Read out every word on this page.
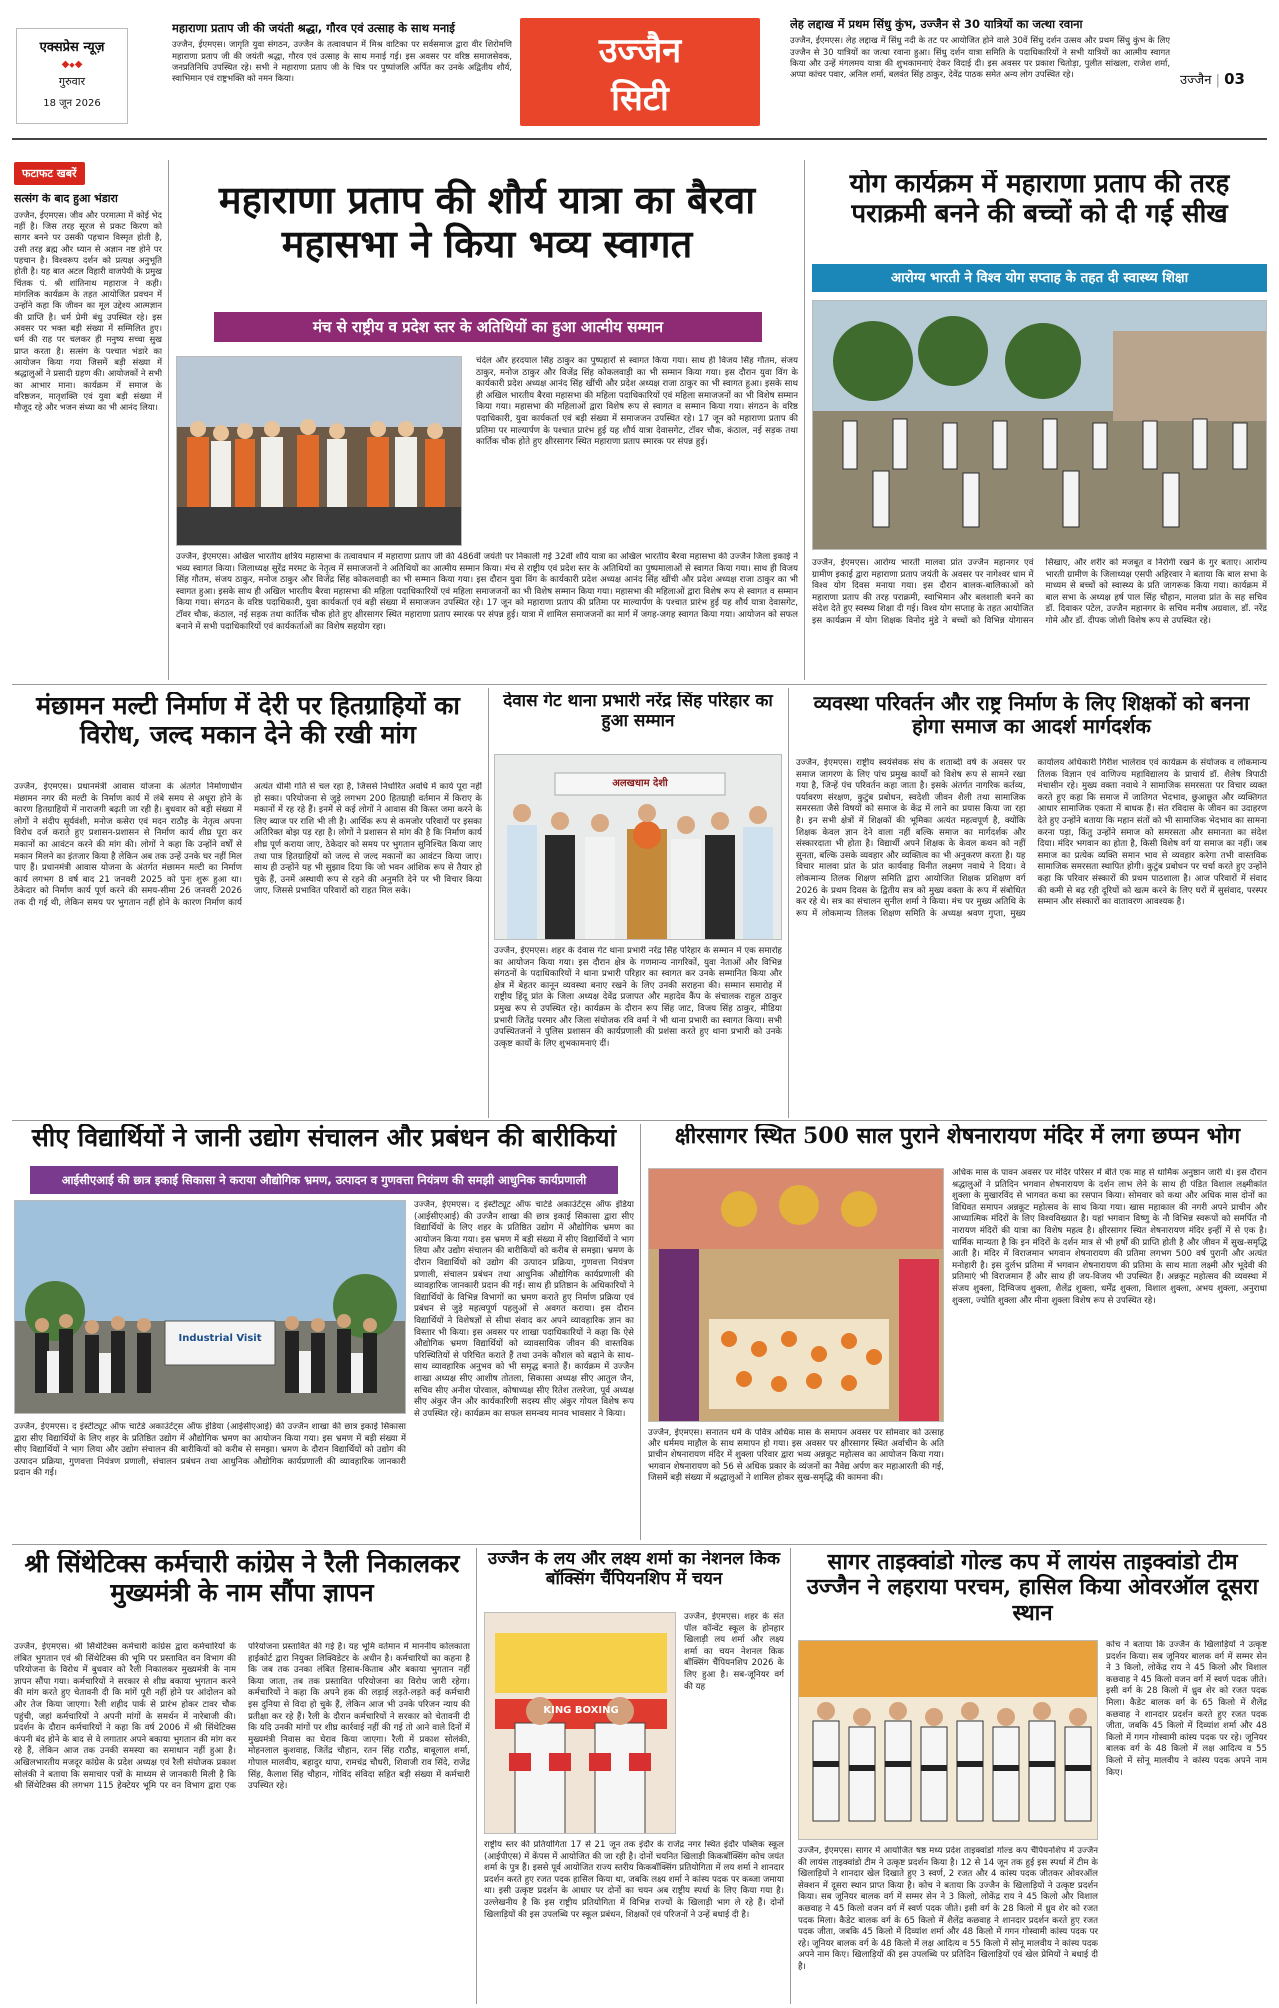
एक्सप्रेस न्यूज़
◆◆◆
गुरुवार
18 जून 2026
महाराणा प्रताप जी की जयंती श्रद्धा, गौरव एवं उत्साह के साथ मनाई
उज्जैन, ईएमएस। जागृति युवा संगठन, उज्जैन के तत्वावधान में मिश्र वाटिका पर सर्वसमाज द्वारा वीर शिरोमणि महाराणा प्रताप जी की जयंती श्रद्धा, गौरव एवं उत्साह के साथ मनाई गई। इस अवसर पर वरिष्ठ समाजसेवक, जनप्रतिनिधि उपस्थित रहे। सभी ने महाराणा प्रताप जी के चित्र पर पुष्पांजलि अर्पित कर उनके अद्वितीय शौर्य, स्वाभिमान एवं राष्ट्रभक्ति को नमन किया।
उज्जैन
सिटी
लेह लद्दाख में प्रथम सिंधु कुंभ, उज्जैन से 30 यात्रियों का जत्था रवाना
उज्जैन, ईएमएस। लेह लद्दाख में सिंधु नदी के तट पर आयोजित होने वाले 30वें सिंधु दर्शन उत्सव और प्रथम सिंधु कुंभ के लिए उज्जैन से 30 यात्रियों का जत्था रवाना हुआ। सिंधु दर्शन यात्रा समिति के पदाधिकारियों ने सभी यात्रियों का आत्मीय स्वागत किया और उन्हें मंगलमय यात्रा की शुभकामनाएं देकर विदाई दी। इस अवसर पर प्रकाश चितोड़ा, पुलीत सांखला, राजेश शर्मा, अप्पा कांचर पवार, अनिल शर्मा, बलवंत सिंह ठाकुर, देवेंद्र पाठक समेत अन्य लोग उपस्थित रहे।	उज्जैन | 03
फटाफट खबरें
सत्संग के बाद हुआ भंडारा
उज्जैन, ईएमएस। जीव और परमात्मा में कोई भेद नहीं है। जिस तरह सूरज से प्रकट किरण को सागर बनने पर उसकी पहचान विस्मृत होती है, उसी तरह ब्रह्म और ध्यान से अज्ञान नष्ट होने पर पहचान है। विश्वरूप दर्शन को प्रत्यक्ष अनुभूति होती है। यह बात अटल विहारी वाजपेयी के प्रमुख चिंतक पं. श्री शांतिनाथ महाराज ने कही। मांगलिक कार्यक्रम के तहत आयोजित प्रवचन में उन्होंने कहा कि जीवन का मूल उद्देश्य आत्मज्ञान की प्राप्ति है। धर्म प्रेमी बंधु उपस्थित रहे। इस अवसर पर भक्त बड़ी संख्या में सम्मिलित हुए। धर्म की राह पर चलकर ही मनुष्य सच्चा सुख प्राप्त करता है। सत्संग के पश्चात भंडारे का आयोजन किया गया जिसमें बड़ी संख्या में श्रद्धालुओं ने प्रसादी ग्रहण की। आयोजकों ने सभी का आभार माना। कार्यक्रम में समाज के वरिष्ठजन, मातृशक्ति एवं युवा बड़ी संख्या में मौजूद रहे और भजन संध्या का भी आनंद लिया।
महाराणा प्रताप की शौर्य यात्रा का बैरवा महासभा ने किया भव्य स्वागत
मंच से राष्ट्रीय व प्रदेश स्तर के अतिथियों का हुआ आत्मीय सम्मान
उज्जैन, ईएमएस। अखिल भारतीय क्षत्रिय महासभा के तत्वावधान में महाराणा प्रताप जी की 486वीं जयंती पर निकाली गई 32वीं शौर्य यात्रा का अखिल भारतीय बैरवा महासभा की उज्जैन जिला इकाई ने भव्य स्वागत किया। जिलाध्यक्ष सुरेंद्र मरमट के नेतृत्व में समाजजनों ने अतिथियों का आत्मीय सम्मान किया। मंच से राष्ट्रीय एवं प्रदेश स्तर के अतिथियों का पुष्पमालाओं से स्वागत किया गया। साथ ही विजय सिंह गौतम, संजय ठाकुर, मनोज ठाकुर और विजेंद्र सिंह कोकलवाड़ी का भी सम्मान किया गया। इस दौरान युवा विंग के कार्यकारी प्रदेश अध्यक्ष आनंद सिंह खींची और प्रदेश अध्यक्ष राजा ठाकुर का भी स्वागत हुआ। इसके साथ ही अखिल भारतीय बैरवा महासभा की महिला पदाधिकारियों एवं महिला समाजजनों का भी विशेष सम्मान किया गया। महासभा की महिलाओं द्वारा विशेष रूप से स्वागत व सम्मान किया गया। संगठन के वरिष्ठ पदाधिकारी, युवा कार्यकर्ता एवं बड़ी संख्या में समाजजन उपस्थित रहे। 17 जून को महाराणा प्रताप की प्रतिमा पर माल्यार्पण के पश्चात प्रारंभ हुई यह शौर्य यात्रा देवासगेट, टॉवर चौक, कंठाल, नई सड़क तथा कार्तिक चौक होते हुए क्षीरसागर स्थित महाराणा प्रताप स्मारक पर संपन्न हुई। यात्रा में शामिल समाजजनों का मार्ग में जगह-जगह स्वागत किया गया। आयोजन को सफल बनाने में सभी पदाधिकारियों एवं कार्यकर्ताओं का विशेष सहयोग रहा।
चंदेल और हरदयाल सिंह ठाकुर का पुष्पहारों से स्वागत किया गया। साथ ही विजय सिंह गौतम, संजय ठाकुर, मनोज ठाकुर और विजेंद्र सिंह कोकलवाड़ी का भी सम्मान किया गया। इस दौरान युवा विंग के कार्यकारी प्रदेश अध्यक्ष आनंद सिंह खींची और प्रदेश अध्यक्ष राजा ठाकुर का भी स्वागत हुआ। इसके साथ ही अखिल भारतीय बैरवा महासभा की महिला पदाधिकारियों एवं महिला समाजजनों का भी विशेष सम्मान किया गया। महासभा की महिलाओं द्वारा विशेष रूप से स्वागत व सम्मान किया गया। संगठन के वरिष्ठ पदाधिकारी, युवा कार्यकर्ता एवं बड़ी संख्या में समाजजन उपस्थित रहे। 17 जून को महाराणा प्रताप की प्रतिमा पर माल्यार्पण के पश्चात प्रारंभ हुई यह शौर्य यात्रा देवासगेट, टॉवर चौक, कंठाल, नई सड़क तथा कार्तिक चौक होते हुए क्षीरसागर स्थित महाराणा प्रताप स्मारक पर संपन्न हुई।
योग कार्यक्रम में महाराणा प्रताप की तरह पराक्रमी बनने की बच्चों को दी गई सीख
आरोग्य भारती ने विश्व योग सप्ताह के तहत दी स्वास्थ्य शिक्षा
उज्जैन, ईएमएस। आरोग्य भारती मालवा प्रांत उज्जैन महानगर एवं ग्रामीण इकाई द्वारा महाराणा प्रताप जयंती के अवसर पर नागेश्वर धाम में विश्व योग दिवस मनाया गया। इस दौरान बालक-बालिकाओं को महाराणा प्रताप की तरह पराक्रमी, स्वाभिमान और बलशाली बनने का संदेश देते हुए स्वस्थ्य शिक्षा दी गई। विश्व योग सप्ताह के तहत आयोजित इस कार्यक्रम में योग शिक्षक विनोद मुंडे ने बच्चों को विभिन्न योगासन सिखाए, और शरीर को मजबूत व निरोगी रखने के गुर बताए। आरोग्य भारती ग्रामीण के जिलाध्यक्ष एसपी अहिरवार ने बताया कि बाल सभा के माध्यम से बच्चों को स्वास्थ्य के प्रति जागरूक किया गया। कार्यक्रम में बाल सभा के अध्यक्ष हर्ष पाल सिंह चौहान, मालवा प्रांत के सह सचिव डॉ. दिवाकर पटेल, उज्जैन महानगर के सचिव मनीष अग्रवाल, डॉ. नरेंद्र गोमे और डॉ. दीपक जोशी विशेष रूप से उपस्थित रहे।
मंछामन मल्टी निर्माण में देरी पर हितग्राहियों का विरोध, जल्द मकान देने की रखी मांग
उज्जैन, ईएमएस। प्रधानमंत्री आवास योजना के अंतर्गत निर्माणाधीन मंछामन नगर की मल्टी के निर्माण कार्य में लंबे समय से अधूरा होने के कारण हितग्राहियों में नाराजगी बढ़ती जा रही है। बुधवार को बड़ी संख्या में लोगों ने संदीप सूर्यवंशी, मनोज कसेरा एवं मदन राठौड़ के नेतृत्व अपना विरोध दर्ज कराते हुए प्रशासन-प्रशासन से निर्माण कार्य शीघ्र पूरा कर मकानों का आवंटन करने की मांग की। लोगों ने कहा कि उन्होंने वर्षों से मकान मिलने का इंतजार किया है लेकिन अब तक उन्हें उनके घर नहीं मिल पाए हैं। प्रधानमंत्री आवास योजना के अंतर्गत मंछामन मल्टी का निर्माण कार्य लगभग 8 वर्ष बाद 21 जनवरी 2025 को पुनः शुरू हुआ था। ठेकेदार को निर्माण कार्य पूर्ण करने की समय-सीमा 26 जनवरी 2026 तक दी गई थी, लेकिन समय पर भुगतान नहीं होने के कारण निर्माण कार्य अत्यंत धीमी गति से चल रहा है, जिससे निर्धारित अवधि में कार्य पूरा नहीं हो सका। परियोजना से जुड़े लगभग 200 हितग्राही वर्तमान में किराए के मकानों में रह रहे हैं। इनमें से कई लोगों ने आवास की किस्त जमा करने के लिए ब्याज पर राशि भी ली है। आर्थिक रूप से कमजोर परिवारों पर इसका अतिरिक्त बोझ पड़ रहा है। लोगों ने प्रशासन से मांग की है कि निर्माण कार्य शीघ्र पूर्ण कराया जाए, ठेकेदार को समय पर भुगतान सुनिश्चित किया जाए तथा पात्र हितग्राहियों को जल्द से जल्द मकानों का आवंटन किया जाए। साथ ही उन्होंने यह भी सुझाव दिया कि जो भवन आंशिक रूप से तैयार हो चुके हैं, उनमें अस्थायी रूप से रहने की अनुमति देने पर भी विचार किया जाए, जिससे प्रभावित परिवारों को राहत मिल सके।
देवास गेट थाना प्रभारी नरेंद्र सिंह परिहार का हुआ सम्मान
अलखधाम देशी
उज्जैन, ईएमएस। शहर के देवास गेट थाना प्रभारी नरेंद्र सिंह परिहार के सम्मान में एक समारोह का आयोजन किया गया। इस दौरान क्षेत्र के गणमान्य नागरिकों, युवा नेताओं और विभिन्न संगठनों के पदाधिकारियों ने थाना प्रभारी परिहार का स्वागत कर उनके सम्मानित किया और क्षेत्र में बेहतर कानून व्यवस्था बनाए रखने के लिए उनकी सराहना की। सम्मान समारोह में राष्ट्रीय हिंदू प्रांत के जिला अध्यक्ष देवेंद्र प्रजापत और महादेव कैंप के संचालक राहुल ठाकुर प्रमुख रूप से उपस्थित रहे। कार्यक्रम के दौरान रूप सिंह जाट, विजय सिंह ठाकुर, मीडिया प्रभारी जितेंद्र परमार और जिला संयोजक रवि वर्मा ने भी थाना प्रभारी का स्वागत किया। सभी उपस्थितजनों ने पुलिस प्रशासन की कार्यप्रणाली की प्रशंसा करते हुए थाना प्रभारी को उनके उत्कृष्ट कार्यों के लिए शुभकामनाएं दीं।
व्यवस्था परिवर्तन और राष्ट्र निर्माण के लिए शिक्षकों को बनना होगा समाज का आदर्श मार्गदर्शक
उज्जैन, ईएमएस। राष्ट्रीय स्वयंसेवक संघ के शताब्दी वर्ष के अवसर पर समाज जागरण के लिए पांच प्रमुख कार्यों को विशेष रूप से सामने रखा गया है, जिन्हें पंच परिवर्तन कहा जाता है। इसके अंतर्गत नागरिक कर्तव्य, पर्यावरण संरक्षण, कुटुंब प्रबोधन, स्वदेशी जीवन शैली तथा सामाजिक समरसता जैसे विषयों को समाज के केंद्र में लाने का प्रयास किया जा रहा है। इन सभी क्षेत्रों में शिक्षकों की भूमिका अत्यंत महत्वपूर्ण है, क्योंकि शिक्षक केवल ज्ञान देने वाला नहीं बल्कि समाज का मार्गदर्शक और संस्कारदाता भी होता है। विद्यार्थी अपने शिक्षक के केवल कथन को नहीं सुनता, बल्कि उसके व्यवहार और व्यक्तित्व का भी अनुकरण करता है। यह विचार मालवा प्रांत के प्रांत कार्यवाह विनीत लक्ष्मण नवाथे ने दिया। वे लोकमान्य तिलक शिक्षण समिति द्वारा आयोजित शिक्षक प्रशिक्षण वर्ग 2026 के प्रथम दिवस के द्वितीय सत्र को मुख्य वक्ता के रूप में संबोधित कर रहे थे। सत्र का संचालन सुनील शर्मा ने किया। मंच पर मुख्य अतिथि के रूप में लोकमान्य तिलक शिक्षण समिति के अध्यक्ष श्रवण गुप्ता, मुख्य कार्यालय अधिकारी गिरीश भालेराव एवं कार्यक्रम के संयोजक व लोकमान्य तिलक विज्ञान एवं वाणिज्य महाविद्यालय के प्राचार्य डॉ. शैलेष त्रिपाठी मंचासीन रहे। मुख्य वक्ता नवाथे ने सामाजिक समरसता पर विचार व्यक्त करते हुए कहा कि समाज में जातिगत भेदभाव, छुआछूत और व्यक्तिगत आधार सामाजिक एकता में बाधक हैं। संत रविदास के जीवन का उदाहरण देते हुए उन्होंने बताया कि महान संतों को भी सामाजिक भेदभाव का सामना करना पड़ा, किंतु उन्होंने समाज को समरसता और समानता का संदेश दिया। मंदिर भगवान का होता है, किसी विशेष वर्ग या समाज का नहीं। जब समाज का प्रत्येक व्यक्ति समान भाव से व्यवहार करेगा तभी वास्तविक सामाजिक समरसता स्थापित होगी। कुटुंब प्रबोधन पर चर्चा करते हुए उन्होंने कहा कि परिवार संस्कारों की प्रथम पाठशाला है। आज परिवारों में संवाद की कमी से बढ़ रही दूरियों को खत्म करने के लिए घरों में सुसंवाद, परस्पर सम्मान और संस्कारों का वातावरण आवश्यक है।
सीए विद्यार्थियों ने जानी उद्योग संचालन और प्रबंधन की बारीकियां
आईसीएआई की छात्र इकाई सिकासा ने कराया औद्योगिक भ्रमण, उत्पादन व गुणवत्ता नियंत्रण की समझी आधुनिक कार्यप्रणाली
Industrial Visit
उज्जैन, ईएमएस। द इंस्टीट्यूट ऑफ चार्टर्ड अकाउंटेंट्स ऑफ इंडिया (आईसीएआई) की उज्जैन शाखा की छात्र इकाई सिकासा द्वारा सीए विद्यार्थियों के लिए शहर के प्रतिष्ठित उद्योग में औद्योगिक भ्रमण का आयोजन किया गया। इस भ्रमण में बड़ी संख्या में सीए विद्यार्थियों ने भाग लिया और उद्योग संचालन की बारीकियों को करीब से समझा। भ्रमण के दौरान विद्यार्थियों को उद्योग की उत्पादन प्रक्रिया, गुणवत्ता नियंत्रण प्रणाली, संचालन प्रबंधन तथा आधुनिक औद्योगिक कार्यप्रणाली की व्यावहारिक जानकारी प्रदान की गई। साथ ही प्रतिष्ठान के अधिकारियों ने विद्यार्थियों के विभिन्न विभागों का भ्रमण कराते हुए निर्माण प्रक्रिया एवं प्रबंधन से जुड़े महत्वपूर्ण पहलुओं से अवगत कराया। इस दौरान विद्यार्थियों ने विशेषज्ञों से सीधा संवाद कर अपने व्यावहारिक ज्ञान का विस्तार भी किया। इस अवसर पर शाखा पदाधिकारियों ने कहा कि ऐसे औद्योगिक भ्रमण विद्यार्थियों को व्यावसायिक जीवन की वास्तविक परिस्थितियों से परिचित कराते हैं तथा उनके कौशल को बढ़ाने के साथ-साथ व्यावहारिक अनुभव को भी समृद्ध बनाते हैं। कार्यक्रम में उज्जैन शाखा अध्यक्ष सीए आशीष तोतला, सिकासा अध्यक्ष सीए आतुल जैन, सचिव सीए अनीश पोरवाल, कोषाध्यक्ष सीए रितेश तलरेजा, पूर्व अध्यक्ष सीए अंकुर जैन और कार्यकारिणी सदस्य सीए अंकुर गोयल विशेष रूप से उपस्थित रहे। कार्यक्रम का सफल समन्वय मानव भावसार ने किया।
उज्जैन, ईएमएस। द इंस्टीट्यूट ऑफ चार्टर्ड अकाउंटेंट्स ऑफ इंडिया (आईसीएआई) की उज्जैन शाखा की छात्र इकाई सिकासा द्वारा सीए विद्यार्थियों के लिए शहर के प्रतिष्ठित उद्योग में औद्योगिक भ्रमण का आयोजन किया गया। इस भ्रमण में बड़ी संख्या में सीए विद्यार्थियों ने भाग लिया और उद्योग संचालन की बारीकियों को करीब से समझा। भ्रमण के दौरान विद्यार्थियों को उद्योग की उत्पादन प्रक्रिया, गुणवत्ता नियंत्रण प्रणाली, संचालन प्रबंधन तथा आधुनिक औद्योगिक कार्यप्रणाली की व्यावहारिक जानकारी प्रदान की गई।
क्षीरसागर स्थित 500 साल पुराने शेषनारायण मंदिर में लगा छप्पन भोग
अधिक मास के पावन अवसर पर मंदिर परिसर में बीते एक माह से धार्मिक अनुष्ठान जारी थे। इस दौरान श्रद्धालुओं ने प्रतिदिन भगवान शेषनारायण के दर्शन लाभ लेने के साथ ही पंडित विशाल लक्ष्मीकांत शुक्ला के मुखारविंद से भागवत कथा का रसपान किया। सोमवार को कथा और अधिक मास दोनों का विधिवत समापन अन्नकूट महोत्सव के साथ किया गया। खास महाकाल की नगरी अपने प्राचीन और आध्यात्मिक मंदिरों के लिए विश्वविख्यात है। यहां भगवान विष्णु के नौ विभिन्न स्वरूपों को समर्पित नौ नारायण मंदिरों की यात्रा का विशेष महत्व है। क्षीरसागर स्थित शेषनारायण मंदिर इन्हीं में से एक है। धार्मिक मान्यता है कि इन मंदिरों के दर्शन मात्र से भी हर्षों की प्राप्ति होती है और जीवन में सुख-समृद्धि आती है। मंदिर में विराजमान भगवान शेषनारायण की प्रतिमा लगभग 500 वर्ष पुरानी और अत्यंत मनोहारी है। इस दुर्लभ प्रतिमा में भगवान शेषनारायण की प्रतिमा के साथ माता लक्ष्मी और भूदेवी की प्रतिमाएं भी विराजमान हैं और साथ ही जय-विजय भी उपस्थित हैं। अन्नकूट महोत्सव की व्यवस्था में संजय शुक्ला, दिग्विजय शुक्ला, शैलेंद्र शुक्ला, धर्मेंद्र शुक्ला, विशाल शुक्ला, अभय शुक्ला, अनुराधा शुक्ला, ज्योति शुक्ला और मीना शुक्ला विशेष रूप से उपस्थित रहे।
उज्जैन, ईएमएस। सनातन धर्म के पवित्र अधिक मास के समापन अवसर पर सोमवार को उत्साह और धर्ममय माहौल के साथ समापन हो गया। इस अवसर पर क्षीरसागर स्थित अर्वाचीन के अति प्राचीन शेषनारायण मंदिर में शुक्ला परिवार द्वारा भव्य अन्नकूट महोत्सव का आयोजन किया गया। भगवान शेषनारायण को 56 से अधिक प्रकार के व्यंजनों का नैवेद्य अर्पण कर महाआरती की गई, जिसमें बड़ी संख्या में श्रद्धालुओं ने शामिल होकर सुख-समृद्धि की कामना की।
श्री सिंथेटिक्स कर्मचारी कांग्रेस ने रैली निकालकर मुख्यमंत्री के नाम सौंपा ज्ञापन
उज्जैन, ईएमएस। श्री सिंथेटिक्स कर्मचारी कांग्रेस द्वारा कर्मचारियों के लंबित भुगतान एवं श्री सिंथेटिक्स की भूमि पर प्रस्तावित वन विभाग की परियोजना के विरोध में बुधवार को रैली निकालकर मुख्यमंत्री के नाम ज्ञापन सौंपा गया। कर्मचारियों ने सरकार से शीघ्र बकाया भुगतान करने की मांग करते हुए चेतावनी दी कि मांगें पूरी नहीं होने पर आंदोलन को और तेज किया जाएगा। रैली शहीद पार्क से प्रारंभ होकर टावर चौक पहुंची, जहां कर्मचारियों ने अपनी मांगों के समर्थन में नारेबाजी की। प्रदर्शन के दौरान कर्मचारियों ने कहा कि वर्ष 2006 में श्री सिंथेटिक्स कंपनी बंद होने के बाद से वे लगातार अपने बकाया भुगतान की मांग कर रहे हैं, लेकिन आज तक उनकी समस्या का समाधान नहीं हुआ है। अखिलभारतीय मजदूर कांग्रेस के प्रदेश अध्यक्ष एवं रैली संयोजक प्रकाश सोलंकी ने बताया कि समाचार पत्रों के माध्यम से जानकारी मिली है कि श्री सिंथेटिक्स की लगभग 115 हेक्टेयर भूमि पर वन विभाग द्वारा एक परियोजना प्रस्तावित की गई है। यह भूमि वर्तमान में माननीय कोलकाता हाईकोर्ट द्वारा नियुक्त लिक्विडेटर के अधीन है। कर्मचारियों का कहना है कि जब तक उनका लंबित हिसाब-किताब और बकाया भुगतान नहीं किया जाता, तब तक प्रस्तावित परियोजना का विरोध जारी रहेगा। कर्मचारियों ने कहा कि अपने हक की लड़ाई लड़ते-लड़ते कई कर्मचारी इस दुनिया से विदा हो चुके हैं, लेकिन आज भी उनके परिजन न्याय की प्रतीक्षा कर रहे हैं। रैली के दौरान कर्मचारियों ने सरकार को चेतावनी दी कि यदि उनकी मांगों पर शीघ्र कार्रवाई नहीं की गई तो आने वाले दिनों में मुख्यमंत्री निवास का घेराव किया जाएगा। रैली में प्रकाश सोलंकी, मोहनलाल कुशवाह, जितेंद्र चौहान, रतन सिंह राठौड़, बाबूलाल शर्मा, गोपाल मालवीय, बहादुर थापा, रामचंद्र चौधरी, शिवाजी राव सिंदे, राजेंद्र सिंह, कैलाश सिंह चौहान, गोविंद संविदा सहित बड़ी संख्या में कर्मचारी उपस्थित रहे।
उज्जैन के लय और लक्ष्य शर्मा का नेशनल किक बॉक्सिंग चैंपियनशिप में चयन
KING BOXING
उज्जैन, ईएमएस। शहर के संत पॉल कॉन्वेंट स्कूल के होनहार खिलाड़ी लय शर्मा और लक्ष्य शर्मा का चयन नेशनल किक बॉक्सिंग चैंपियनशिप 2026 के लिए हुआ है। सब-जूनियर वर्ग की यह
राष्ट्रीय स्तर की प्रतियोगिता 17 से 21 जून तक इंदौर के राजेंद्र नगर स्थित इंदौर पब्लिक स्कूल (आईपीएस) में केंपस में आयोजित की जा रही है। दोनों चयनित खिलाड़ी किकबॉक्सिंग कोच जयंत शर्मा के पुत्र हैं। इससे पूर्व आयोजित राज्य स्तरीय किकबॉक्सिंग प्रतियोगिता में लय शर्मा ने शानदार प्रदर्शन करते हुए रजत पदक हासिल किया था, जबकि लक्ष्य शर्मा ने कांस्य पदक पर कब्जा जमाया था। इसी उत्कृष्ट प्रदर्शन के आधार पर दोनों का चयन अब राष्ट्रीय स्पर्धा के लिए किया गया है। उल्लेखनीय है कि इस राष्ट्रीय प्रतियोगिता में विभिन्न राज्यों के खिलाड़ी भाग ले रहे हैं। दोनों खिलाड़ियों की इस उपलब्धि पर स्कूल प्रबंधन, शिक्षकों एवं परिजनों ने उन्हें बधाई दी है।
सागर ताइक्वांडो गोल्ड कप में लायंस ताइक्वांडो टीम उज्जैन ने लहराया परचम, हासिल किया ओवरऑल दूसरा स्थान
कोच ने बताया कि उज्जैन के खिलाड़ियों ने उत्कृष्ट प्रदर्शन किया। सब जूनियर बालक वर्ग में सम्मर सेन ने 3 किलो, लोकेंद्र राय ने 45 किलो और विशाल कछवाह ने 45 किलो वजन वर्ग में स्वर्ण पदक जीते। इसी वर्ग के 28 किलो में ध्रुव शेर को रजत पदक मिला। कैडेट बालक वर्ग के 65 किलो में शैलेंद्र कछवाह ने शानदार प्रदर्शन करते हुए रजत पदक जीता, जबकि 45 किलो में दिव्यांश शर्मा और 48 किलो में गगन गोस्वामी कांस्य पदक पर रहे। जूनियर बालक वर्ग के 48 किलो में लक्ष आदित्य व 55 किलो में सोनू मालवीय ने कांस्य पदक अपने नाम किए।
उज्जैन, ईएमएस। सागर में आयोजित षष्ठ मध्य प्रदेश ताइक्वांडो गोल्ड कप चैंपियनशिप में उज्जैन की लायंस ताइक्वांडो टीम ने उत्कृष्ट प्रदर्शन किया है। 12 से 14 जून तक हुई इस स्पर्धा में टीम के खिलाड़ियों ने शानदार खेल दिखाते हुए 3 स्वर्ण, 2 रजत और 4 कांस्य पदक जीतकर ओवरऑल सेक्शन में दूसरा स्थान प्राप्त किया है। कोच ने बताया कि उज्जैन के खिलाड़ियों ने उत्कृष्ट प्रदर्शन किया। सब जूनियर बालक वर्ग में सम्मर सेन ने 3 किलो, लोकेंद्र राय ने 45 किलो और विशाल कछवाह ने 45 किलो वजन वर्ग में स्वर्ण पदक जीते। इसी वर्ग के 28 किलो में ध्रुव शेर को रजत पदक मिला। कैडेट बालक वर्ग के 65 किलो में शैलेंद्र कछवाह ने शानदार प्रदर्शन करते हुए रजत पदक जीता, जबकि 45 किलो में दिव्यांश शर्मा और 48 किलो में गगन गोस्वामी कांस्य पदक पर रहे। जूनियर बालक वर्ग के 48 किलो में लक्ष आदित्य व 55 किलो में सोनू मालवीय ने कांस्य पदक अपने नाम किए। खिलाड़ियों की इस उपलब्धि पर प्रतिदिन खिलाड़ियों एवं खेल प्रेमियों ने बधाई दी है।
